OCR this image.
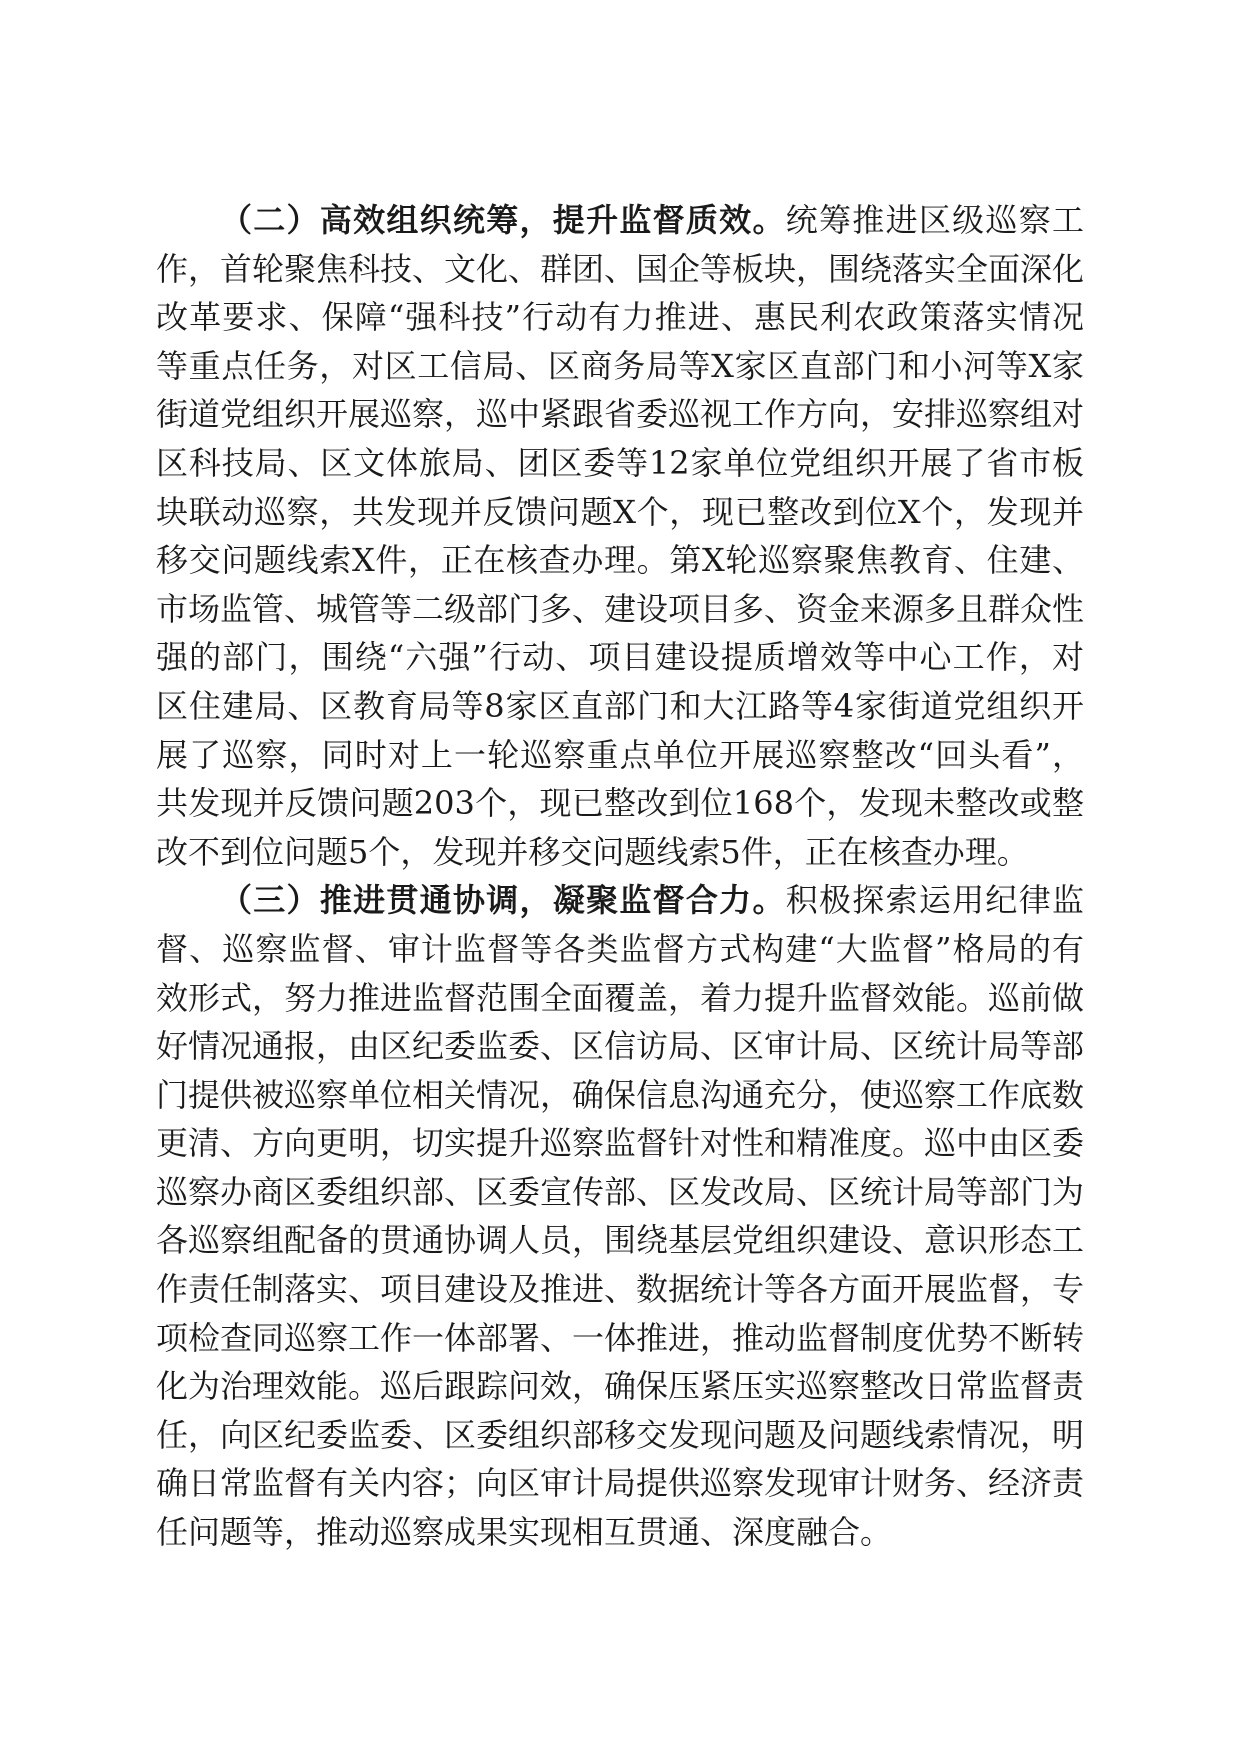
（二）高效组织统筹，提升监督质效。统筹推进区级巡察工作，首轮聚焦科技、文化、群团、国企等板块，围绕落实全面深化改革要求、保障“强科技”行动有力推进、惠民利农政策落实情况等重点任务，对区工信局、区商务局等X家区直部门和小河等X家街道党组织开展巡察，巡中紧跟省委巡视工作方向，安排巡察组对区科技局、区文体旅局、团区委等12家单位党组织开展了省市板块联动巡察，共发现并反馈问题X个，现已整改到位X个，发现并移交问题线索X件，正在核查办理。第X轮巡察聚焦教育、住建、市场监管、城管等二级部门多、建设项目多、资金来源多且群众性强的部门，围绕“六强”行动、项目建设提质增效等中心工作，对区住建局、区教育局等8家区直部门和大江路等4家街道党组织开展了巡察，同时对上一轮巡察重点单位开展巡察整改“回头看”，共发现并反馈问题203个，现已整改到位168个，发现未整改或整改不到位问题5个，发现并移交问题线索5件，正在核查办理。

（三）推进贯通协调，凝聚监督合力。积极探索运用纪律监督、巡察监督、审计监督等各类监督方式构建“大监督”格局的有效形式，努力推进监督范围全面覆盖，着力提升监督效能。巡前做好情况通报，由区纪委监委、区信访局、区审计局、区统计局等部门提供被巡察单位相关情况，确保信息沟通充分，使巡察工作底数更清、方向更明，切实提升巡察监督针对性和精准度。巡中由区委巡察办商区委组织部、区委宣传部、区发改局、区统计局等部门为各巡察组配备的贯通协调人员，围绕基层党组织建设、意识形态工作责任制落实、项目建设及推进、数据统计等各方面开展监督，专项检查同巡察工作一体部署、一体推进，推动监督制度优势不断转化为治理效能。巡后跟踪问效，确保压紧压实巡察整改日常监督责任，向区纪委监委、区委组织部移交发现问题及问题线索情况，明确日常监督有关内容；向区审计局提供巡察发现审计财务、经济责任问题等，推动巡察成果实现相互贯通、深度融合。
